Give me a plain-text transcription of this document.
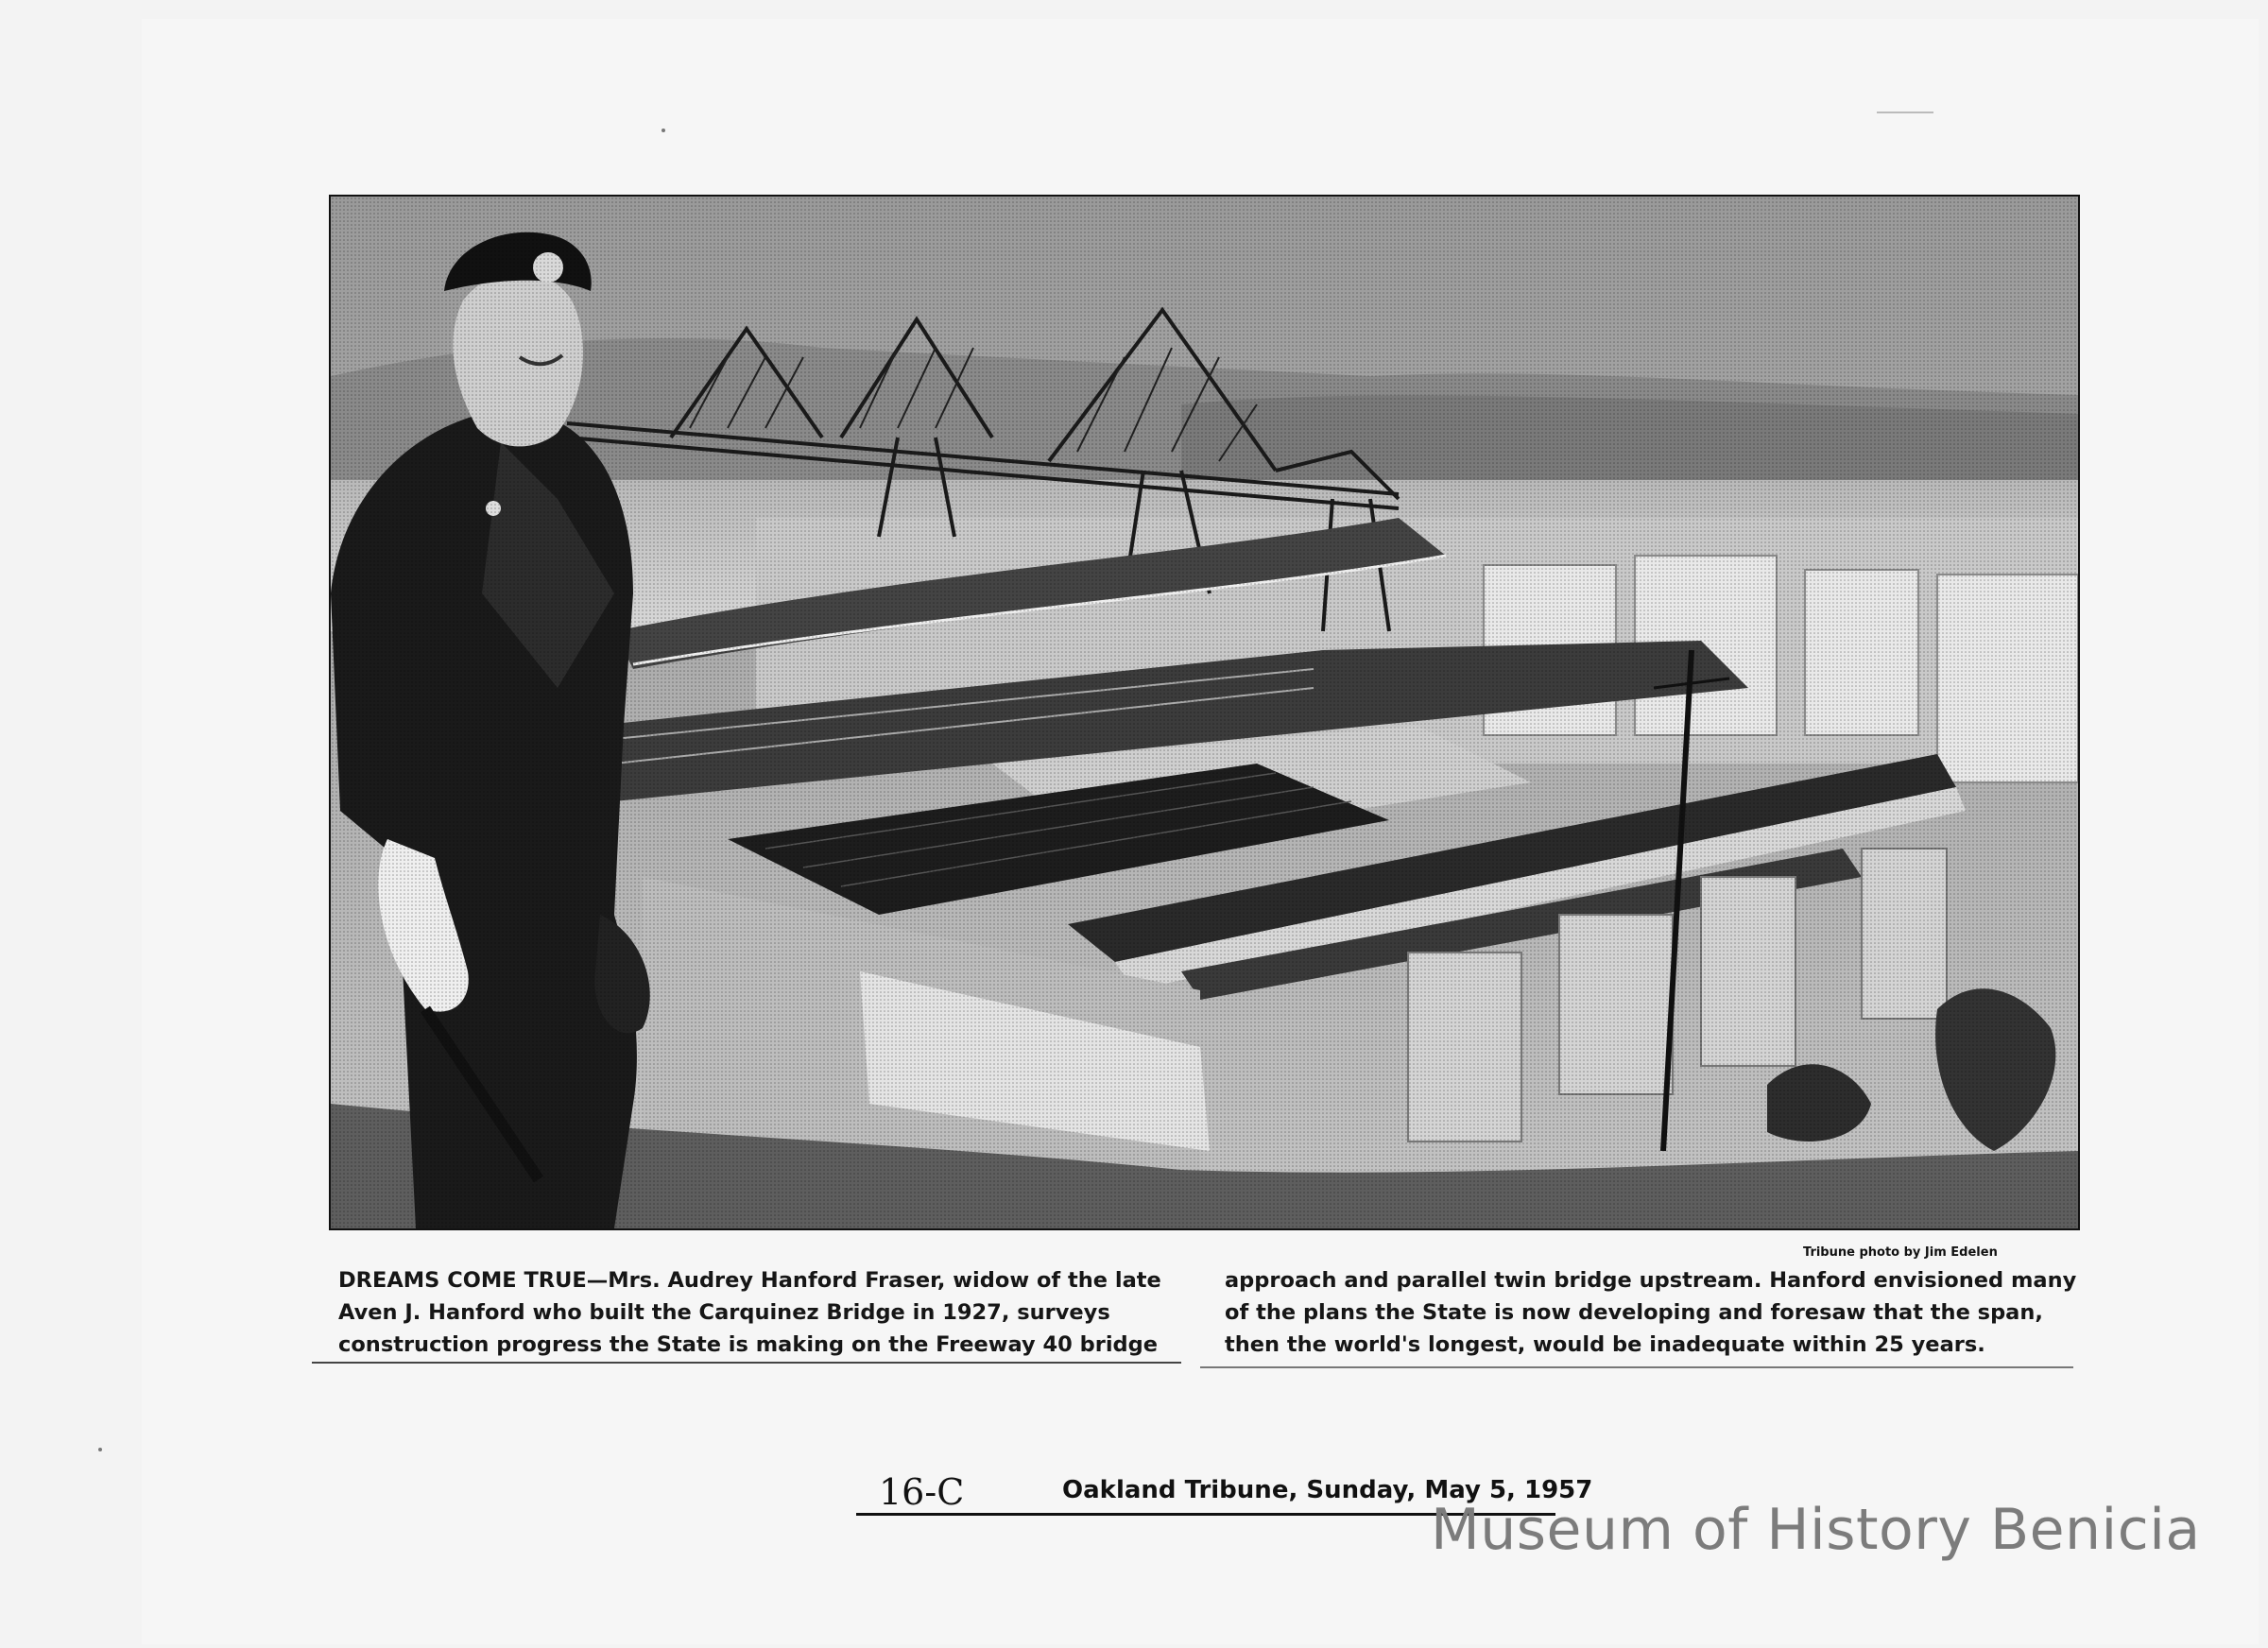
Tribune photo by Jim Edelen
DREAMS COME TRUE—Mrs. Audrey Hanford Fraser, widow of the late
Aven J. Hanford who built the Carquinez Bridge in 1927, surveys
construction progress the State is making on the Freeway 40 bridge
approach and parallel twin bridge upstream. Hanford envisioned many
of the plans the State is now developing and foresaw that the span,
then the world's longest, would be inadequate within 25 years.
16-C	Oakland Tribune, Sunday, May 5, 1957
Museum of History Benicia
